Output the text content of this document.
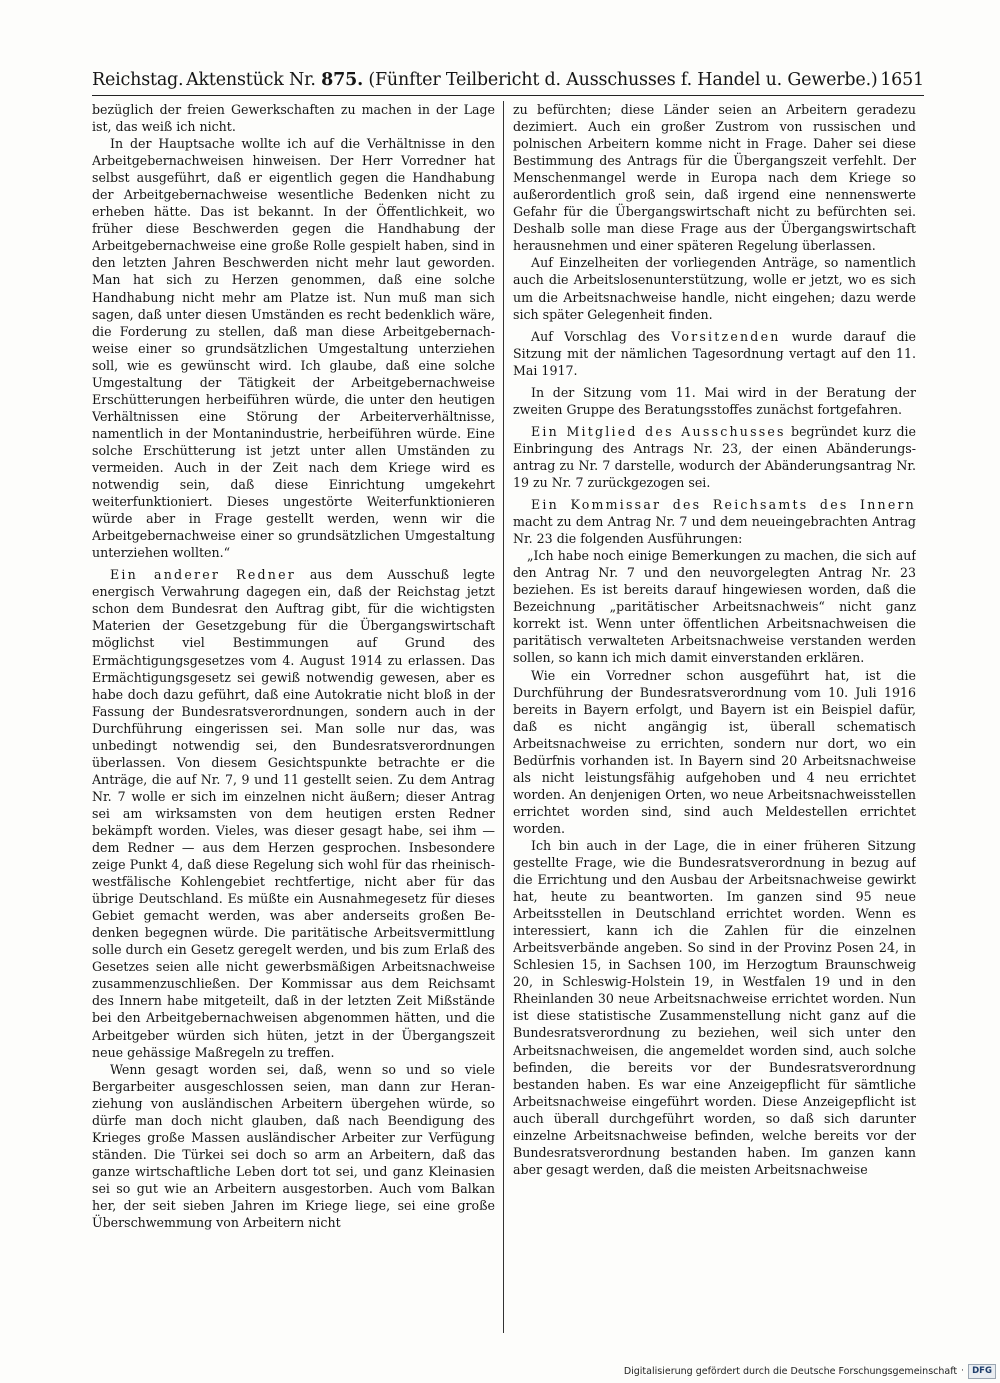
Reichstag. Aktenstück Nr. 875. (Fünfter Teilbericht d. Ausschusses f. Handel u. Gewerbe.) 1651

bezüglich der freien Gewerkschaften zu machen in der Lage ist, das weiß ich nicht.

In der Hauptsache wollte ich auf die Verhältnisse in den Arbeitgebernachweisen hinweisen. Der Herr Vorredner hat selbst ausgeführt, daß er eigentlich gegen die Handhabung der Arbeitgebernachweise wesentliche Bedenken nicht zu erheben hätte. Das ist bekannt. In der Öffentlichkeit, wo früher diese Beschwerden gegen die Handhabung der Arbeitgebernachweise eine große Rolle gespielt haben, sind in den letzten Jahren Beschwerden nicht mehr laut geworden. Man hat sich zu Herzen genommen, daß eine solche Handhabung nicht mehr am Platze ist. Nun muß man sich sagen, daß unter diesen Umständen es recht bedenklich wäre, die Forderung zu stellen, daß man diese Arbeitgebernachweise einer so grundsätzlichen Umgestaltung unterziehen soll, wie es gewünscht wird. Ich glaube, daß eine solche Umgestaltung der Tätigkeit der Arbeitgebernachweise Erschütterungen herbeiführen würde, die unter den heutigen Verhältnissen eine Störung der Arbeiterverhältnisse, namentlich in der Montanindustrie, herbeiführen würde. Eine solche Erschütterung ist jetzt unter allen Umständen zu vermeiden. Auch in der Zeit nach dem Kriege wird es notwendig sein, daß diese Einrichtung umgekehrt weiterfunktioniert. Dieses ungestörte Weiterfunktionieren würde aber in Frage gestellt werden, wenn wir die Arbeitgebernachweise einer so grundsätzlichen Umgestaltung unterziehen wollten.“

Ein anderer Redner aus dem Ausschuß legte energisch Verwahrung dagegen ein, daß der Reichstag jetzt schon dem Bundesrat den Auftrag gibt, für die wichtigsten Materien der Gesetzgebung für die Übergangswirtschaft möglichst viel Bestimmungen auf Grund des Ermächtigungsgesetzes vom 4. August 1914 zu erlassen. Das Ermächtigungsgesetz sei gewiß notwendig gewesen, aber es habe doch dazu geführt, daß eine Autokratie nicht bloß in der Fassung der Bundesratsverordnungen, sondern auch in der Durchführung eingerissen sei. Man solle nur das, was unbedingt notwendig sei, den Bundesratsverordnungen überlassen. Von diesem Gesichtspunkte betrachte er die Anträge, die auf Nr. 7, 9 und 11 gestellt seien. Zu dem Antrag Nr. 7 wolle er sich im einzelnen nicht äußern; dieser Antrag sei am wirksamsten von dem heutigen ersten Redner bekämpft worden. Vieles, was dieser gesagt habe, sei ihm — dem Redner — aus dem Herzen gesprochen. Insbesondere zeige Punkt 4, daß diese Regelung sich wohl für das rheinisch-westfälische Kohlengebiet rechtfertige, nicht aber für das übrige Deutschland. Es müßte ein Ausnahmegesetz für dieses Gebiet gemacht werden, was aber anderseits großen Bedenken begegnen würde. Die paritätische Arbeitsvermittlung solle durch ein Gesetz geregelt werden, und bis zum Erlaß des Gesetzes seien alle nicht gewerbsmäßigen Arbeitsnachweise zusammenzuschließen. Der Kommissar aus dem Reichsamt des Innern habe mitgeteilt, daß in der letzten Zeit Mißstände bei den Arbeitgebernachweisen abgenommen hätten, und die Arbeitgeber würden sich hüten, jetzt in der Übergangszeit neue gehässige Maßregeln zu treffen.

Wenn gesagt worden sei, daß, wenn so und so viele Bergarbeiter ausgeschlossen seien, man dann zur Heranziehung von ausländischen Arbeitern übergehen würde, so dürfe man doch nicht glauben, daß nach Beendigung des Krieges große Massen ausländischer Arbeiter zur Verfügung ständen. Die Türkei sei doch so arm an Arbeitern, daß das ganze wirtschaftliche Leben dort tot sei, und ganz Kleinasien sei so gut wie an Arbeitern ausgestorben. Auch vom Balkan her, der seit sieben Jahren im Kriege liege, sei eine große Überschwemmung von Arbeitern nicht

zu befürchten; diese Länder seien an Arbeitern geradezu dezimiert. Auch ein großer Zustrom von russischen und polnischen Arbeitern komme nicht in Frage. Daher sei diese Bestimmung des Antrags für die Übergangszeit verfehlt. Der Menschenmangel werde in Europa nach dem Kriege so außerordentlich groß sein, daß irgend eine nennenswerte Gefahr für die Übergangswirtschaft nicht zu befürchten sei. Deshalb solle man diese Frage aus der Übergangswirtschaft herausnehmen und einer späteren Regelung überlassen.

Auf Einzelheiten der vorliegenden Anträge, so namentlich auch die Arbeitslosenunterstützung, wolle er jetzt, wo es sich um die Arbeitsnachweise handle, nicht eingehen; dazu werde sich später Gelegenheit finden.

Auf Vorschlag des Vorsitzenden wurde darauf die Sitzung mit der nämlichen Tagesordnung vertagt auf den 11. Mai 1917.

In der Sitzung vom 11. Mai wird in der Beratung der zweiten Gruppe des Beratungsstoffes zunächst fortgefahren.

Ein Mitglied des Ausschusses begründet kurz die Einbringung des Antrags Nr. 23, der einen Abänderungsantrag zu Nr. 7 darstelle, wodurch der Abänderungsantrag Nr. 19 zu Nr. 7 zurückgezogen sei.

Ein Kommissar des Reichsamts des Innern macht zu dem Antrag Nr. 7 und dem neueingebrachten Antrag Nr. 23 die folgenden Ausführungen:

„Ich habe noch einige Bemerkungen zu machen, die sich auf den Antrag Nr. 7 und den neuvorgelegten Antrag Nr. 23 beziehen. Es ist bereits darauf hingewiesen worden, daß die Bezeichnung „paritätischer Arbeitsnachweis“ nicht ganz korrekt ist. Wenn unter öffentlichen Arbeitsnachweisen die paritätisch verwalteten Arbeitsnachweise verstanden werden sollen, so kann ich mich damit einverstanden erklären.

Wie ein Vorredner schon ausgeführt hat, ist die Durchführung der Bundesratsverordnung vom 10. Juli 1916 bereits in Bayern erfolgt, und Bayern ist ein Beispiel dafür, daß es nicht angängig ist, überall schematisch Arbeitsnachweise zu errichten, sondern nur dort, wo ein Bedürfnis vorhanden ist. In Bayern sind 20 Arbeitsnachweise als nicht leistungsfähig aufgehoben und 4 neu errichtet worden. An denjenigen Orten, wo neue Arbeitsnachweisstellen errichtet worden sind, sind auch Meldestellen errichtet worden.

Ich bin auch in der Lage, die in einer früheren Sitzung gestellte Frage, wie die Bundesratsverordnung in bezug auf die Errichtung und den Ausbau der Arbeitsnachweise gewirkt hat, heute zu beantworten. Im ganzen sind 95 neue Arbeitsstellen in Deutschland errichtet worden. Wenn es interessiert, kann ich die Zahlen für die einzelnen Arbeitsverbände angeben. So sind in der Provinz Posen 24, in Schlesien 15, in Sachsen 100, im Herzogtum Braunschweig 20, in Schleswig-Holstein 19, in Westfalen 19 und in den Rheinlanden 30 neue Arbeitsnachweise errichtet worden. Nun ist diese statistische Zusammenstellung nicht ganz auf die Bundesratsverordnung zu beziehen, weil sich unter den Arbeitsnachweisen, die angemeldet worden sind, auch solche befinden, die bereits vor der Bundesratsverordnung bestanden haben. Es war eine Anzeigepflicht für sämtliche Arbeitsnachweise eingeführt worden. Diese Anzeigepflicht ist auch überall durchgeführt worden, so daß sich darunter einzelne Arbeitsnachweise befinden, welche bereits vor der Bundesratsverordnung bestanden haben. Im ganzen kann aber gesagt werden, daß die meisten Arbeitsnachweise

Digitalisierung gefördert durch die Deutsche Forschungsgemeinschaft · DFG
